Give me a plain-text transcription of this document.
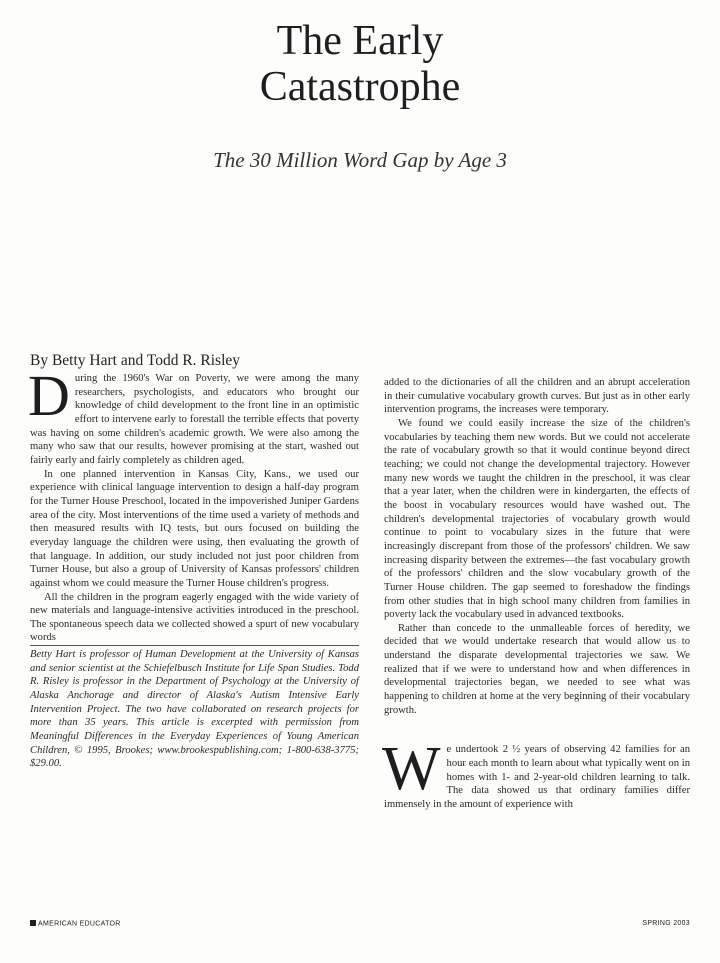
The Early
Catastrophe
The 30 Million Word Gap by Age 3
By Betty Hart and Todd R. Risley

During the 1960's War on Poverty, we were among the many researchers, psychologists, and educators who brought our knowledge of child development to the front line in an optimistic effort to intervene early to forestall the terrible effects that poverty was having on some children's academic growth. We were also among the many who saw that our results, however promising at the start, washed out fairly early and fairly completely as children aged.

In one planned intervention in Kansas City, Kans., we used our experience with clinical language intervention to design a half-day program for the Turner House Preschool, located in the impoverished Juniper Gardens area of the city. Most interventions of the time used a variety of methods and then measured results with IQ tests, but ours focused on building the everyday language the children were using, then evaluating the growth of that language. In addition, our study included not just poor children from Turner House, but also a group of University of Kansas professors' children against whom we could measure the Turner House children's progress.

All the children in the program eagerly engaged with the wide variety of new materials and language-intensive activities introduced in the preschool. The spontaneous speech data we collected showed a spurt of new vocabulary words

Betty Hart is professor of Human Development at the University of Kansas and senior scientist at the Schiefelbusch Institute for Life Span Studies. Todd R. Risley is professor in the Department of Psychology at the University of Alaska Anchorage and director of Alaska's Autism Intensive Early Intervention Project. The two have collaborated on research projects for more than 35 years. This article is excerpted with permission from Meaningful Differences in the Everyday Experiences of Young American Children, © 1995, Brookes; www.brookespublishing.com; 1-800-638-3775; $29.00.

added to the dictionaries of all the children and an abrupt acceleration in their cumulative vocabulary growth curves. But just as in other early intervention programs, the increases were temporary.

We found we could easily increase the size of the children's vocabularies by teaching them new words. But we could not accelerate the rate of vocabulary growth so that it would continue beyond direct teaching; we could not change the developmental trajectory. However many new words we taught the children in the preschool, it was clear that a year later, when the children were in kindergarten, the effects of the boost in vocabulary resources would have washed out. The children's developmental trajectories of vocabulary growth would continue to point to vocabulary sizes in the future that were increasingly discrepant from those of the professors' children. We saw increasing disparity between the extremes—the fast vocabulary growth of the professors' children and the slow vocabulary growth of the Turner House children. The gap seemed to foreshadow the findings from other studies that in high school many children from families in poverty lack the vocabulary used in advanced textbooks.

Rather than concede to the unmalleable forces of heredity, we decided that we would undertake research that would allow us to understand the disparate developmental trajectories we saw. We realized that if we were to understand how and when differences in developmental trajectories began, we needed to see what was happening to children at home at the very beginning of their vocabulary growth.

We undertook 2 ½ years of observing 42 families for an hour each month to learn about what typically went on in homes with 1- and 2-year-old children learning to talk. The data showed us that ordinary families differ immensely in the amount of experience with

AMERICAN EDUCATOR	SPRING 2003
